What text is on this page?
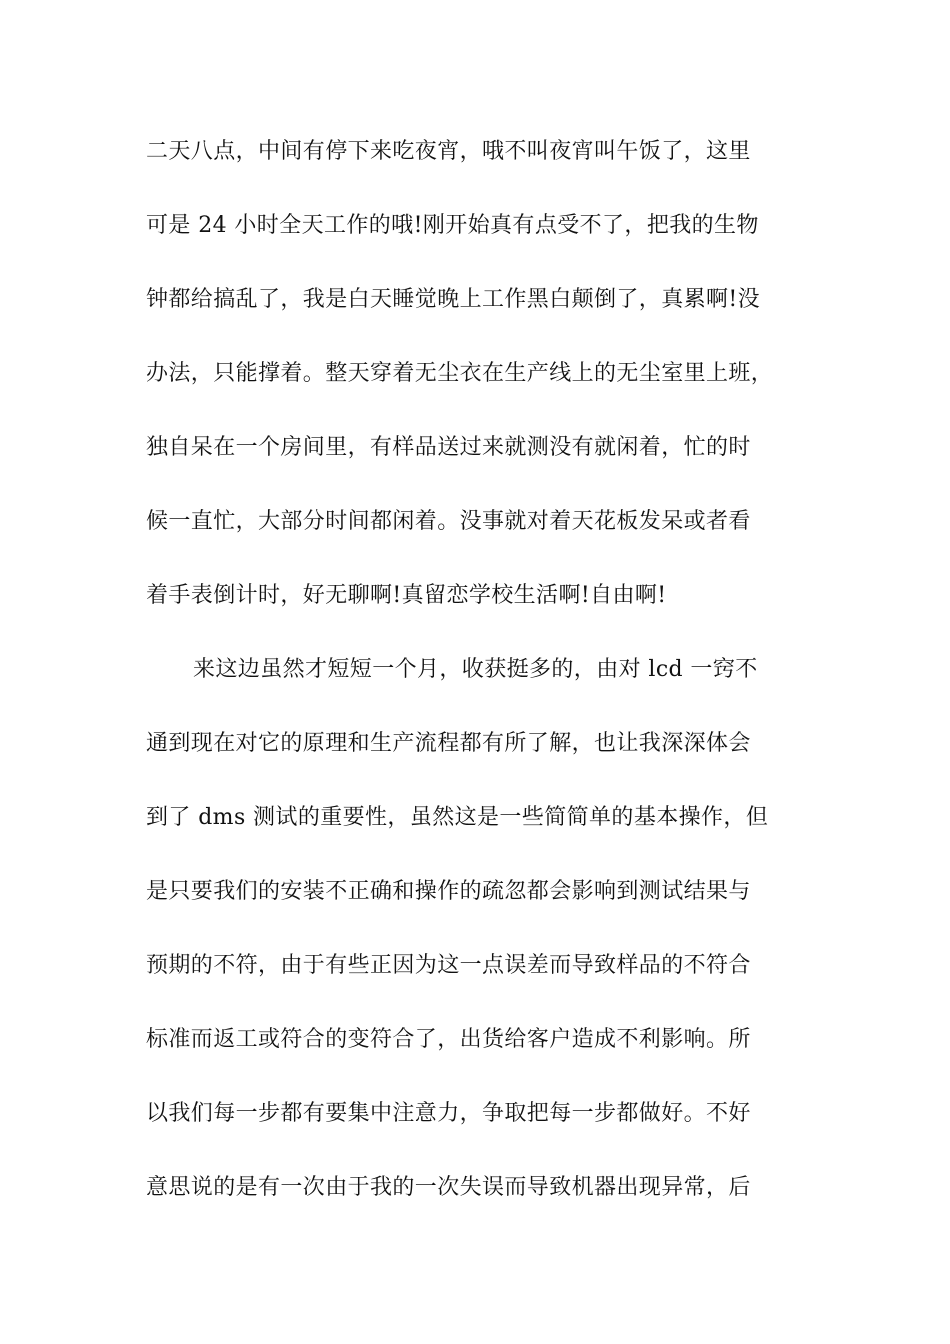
二天八点，中间有停下来吃夜宵，哦不叫夜宵叫午饭了，这里
可是 24 小时全天工作的哦!刚开始真有点受不了，把我的生物
钟都给搞乱了，我是白天睡觉晚上工作黑白颠倒了，真累啊!没
办法，只能撑着。整天穿着无尘衣在生产线上的无尘室里上班，
独自呆在一个房间里，有样品送过来就测没有就闲着，忙的时
候一直忙，大部分时间都闲着。没事就对着天花板发呆或者看
着手表倒计时，好无聊啊!真留恋学校生活啊!自由啊!
来这边虽然才短短一个月，收获挺多的，由对 lcd 一窍不
通到现在对它的原理和生产流程都有所了解，也让我深深体会
到了 dms 测试的重要性，虽然这是一些简简单的基本操作，但
是只要我们的安装不正确和操作的疏忽都会影响到测试结果与
预期的不符，由于有些正因为这一点误差而导致样品的不符合
标准而返工或符合的变符合了，出货给客户造成不利影响。所
以我们每一步都有要集中注意力，争取把每一步都做好。不好
意思说的是有一次由于我的一次失误而导致机器出现异常，后
